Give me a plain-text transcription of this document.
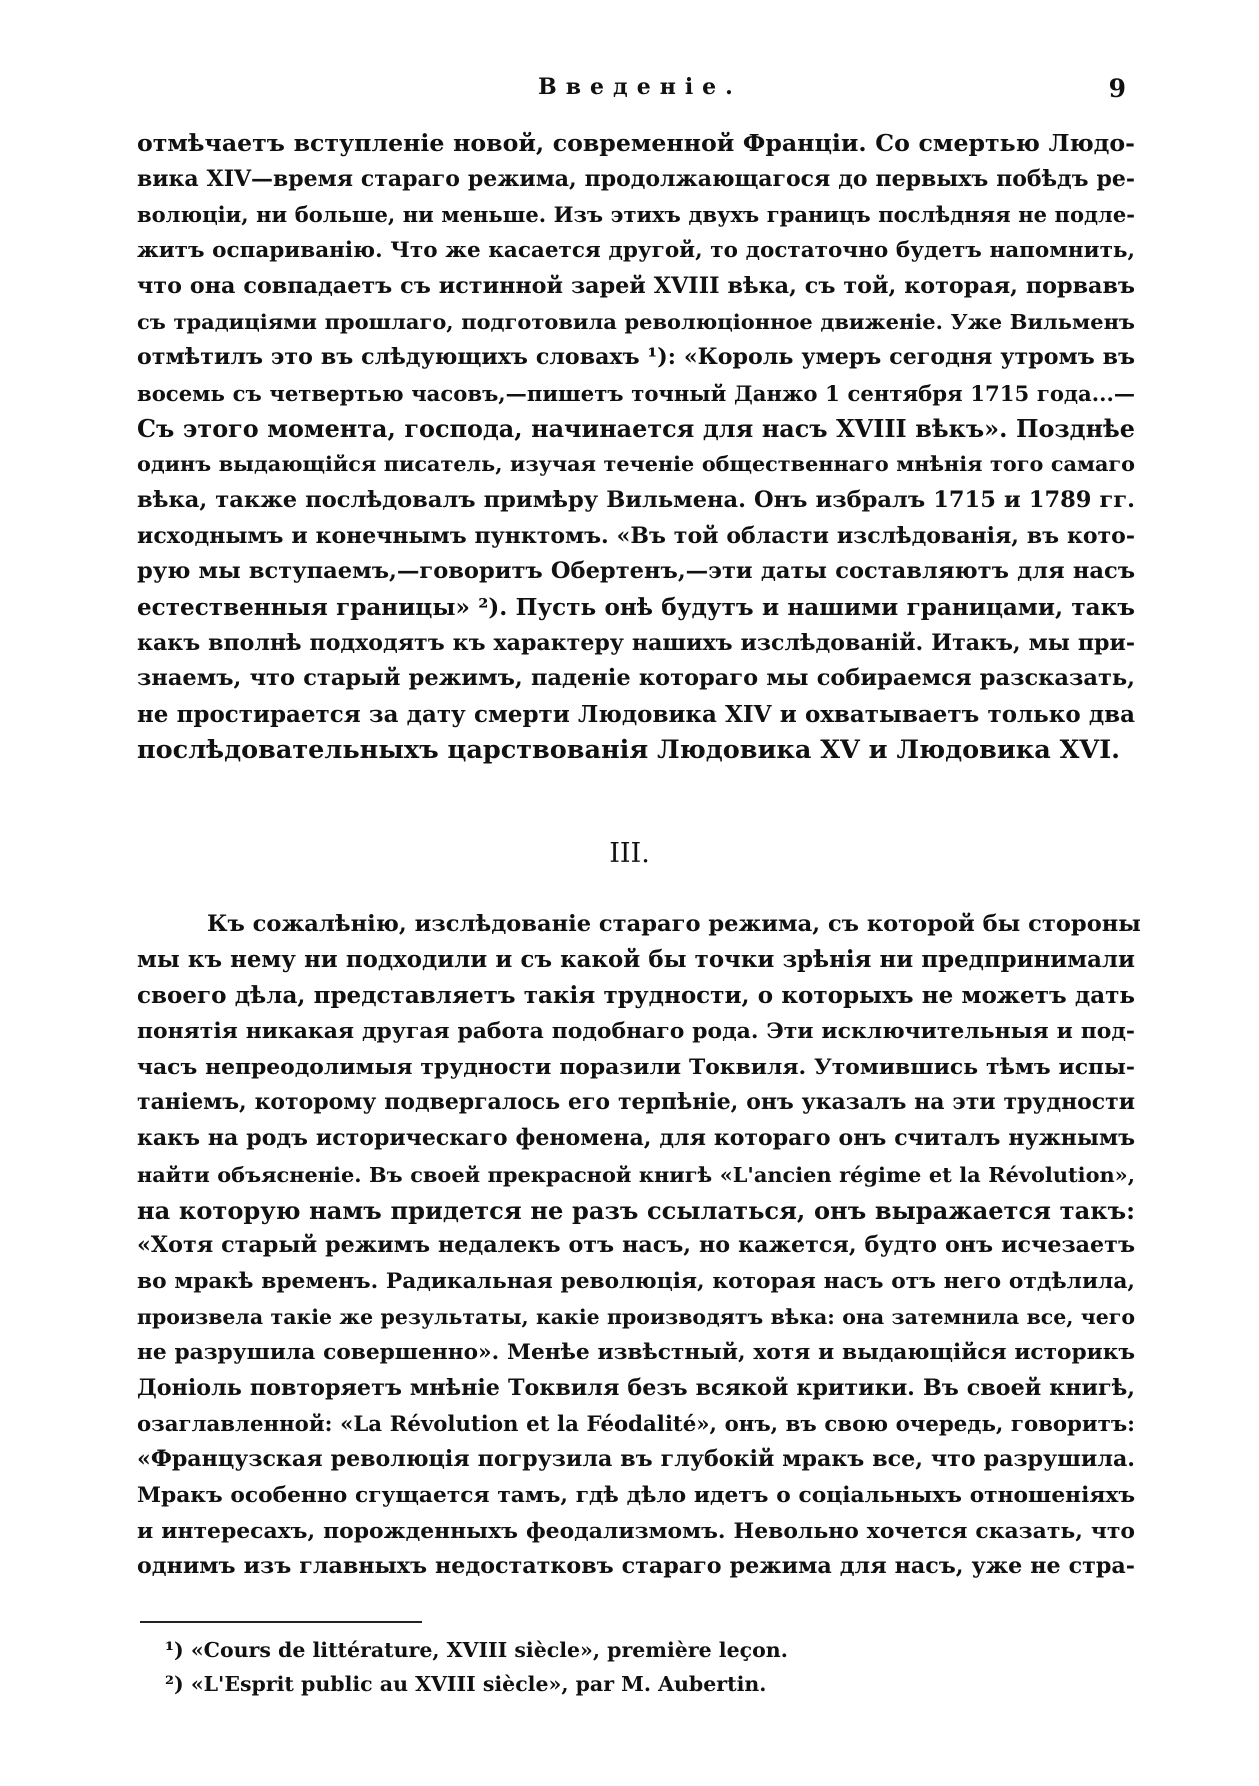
Введеніе.	9
отмѣчаетъ вступленіе новой, современной Франціи. Со смертью Людо-
вика XIV—время стараго режима, продолжающагося до первыхъ побѣдъ ре-
волюціи, ни больше, ни меньше. Изъ этихъ двухъ границъ послѣдняя не подле-
житъ оспариванію. Что же касается другой, то достаточно будетъ напомнить,
что она совпадаетъ съ истинной зарей XVIII вѣка, съ той, которая, порвавъ
съ традиціями прошлаго, подготовила революціонное движеніе. Уже Вильменъ
отмѣтилъ это въ слѣдующихъ словахъ ¹): «Король умеръ сегодня утромъ въ
восемь съ четвертью часовъ,—пишетъ точный Данжо 1 сентября 1715 года...—
Съ этого момента, господа, начинается для насъ XVIII вѣкъ». Позднѣе
одинъ выдающійся писатель, изучая теченіе общественнаго мнѣнія того самаго
вѣка, также послѣдовалъ примѣру Вильмена. Онъ избралъ 1715 и 1789 гг.
исходнымъ и конечнымъ пунктомъ. «Въ той области изслѣдованія, въ кото-
рую мы вступаемъ,—говоритъ Обертенъ,—эти даты составляютъ для насъ
естественныя границы» ²). Пусть онѣ будутъ и нашими границами, такъ
какъ вполнѣ подходятъ къ характеру нашихъ изслѣдованій. Итакъ, мы при-
знаемъ, что старый режимъ, паденіе котораго мы собираемся разсказать,
не простирается за дату смерти Людовика XIV и охватываетъ только два
послѣдовательныхъ царствованія Людовика XV и Людовика XVI.
III.
Къ сожалѣнію, изслѣдованіе стараго режима, съ которой бы стороны
мы къ нему ни подходили и съ какой бы точки зрѣнія ни предпринимали
своего дѣла, представляетъ такія трудности, о которыхъ не можетъ дать
понятія никакая другая работа подобнаго рода. Эти исключительныя и под-
часъ непреодолимыя трудности поразили Токвиля. Утомившись тѣмъ испы-
таніемъ, которому подвергалось его терпѣніе, онъ указалъ на эти трудности
какъ на родъ историческаго феномена, для котораго онъ считалъ нужнымъ
найти объясненіе. Въ своей прекрасной книгѣ «L'ancien régime et la Révolution»,
на которую намъ придется не разъ ссылаться, онъ выражается такъ:
«Хотя старый режимъ недалекъ отъ насъ, но кажется, будто онъ исчезаетъ
во мракѣ временъ. Радикальная революція, которая насъ отъ него отдѣлила,
произвела такіе же результаты, какіе производятъ вѣка: она затемнила все, чего
не разрушила совершенно». Менѣе извѣстный, хотя и выдающійся историкъ
Доніоль повторяетъ мнѣніе Токвиля безъ всякой критики. Въ своей книгѣ,
озаглавленной: «La Révolution et la Féodalité», онъ, въ свою очередь, говоритъ:
«Французская революція погрузила въ глубокій мракъ все, что разрушила.
Мракъ особенно сгущается тамъ, гдѣ дѣло идетъ о соціальныхъ отношеніяхъ
и интересахъ, порожденныхъ феодализмомъ. Невольно хочется сказать, что
однимъ изъ главныхъ недостатковъ стараго режима для насъ, уже не стра-
¹) «Cours de littérature, XVIII siècle», première leçon.
²) «L'Esprit public au XVIII siècle», par M. Aubertin.
